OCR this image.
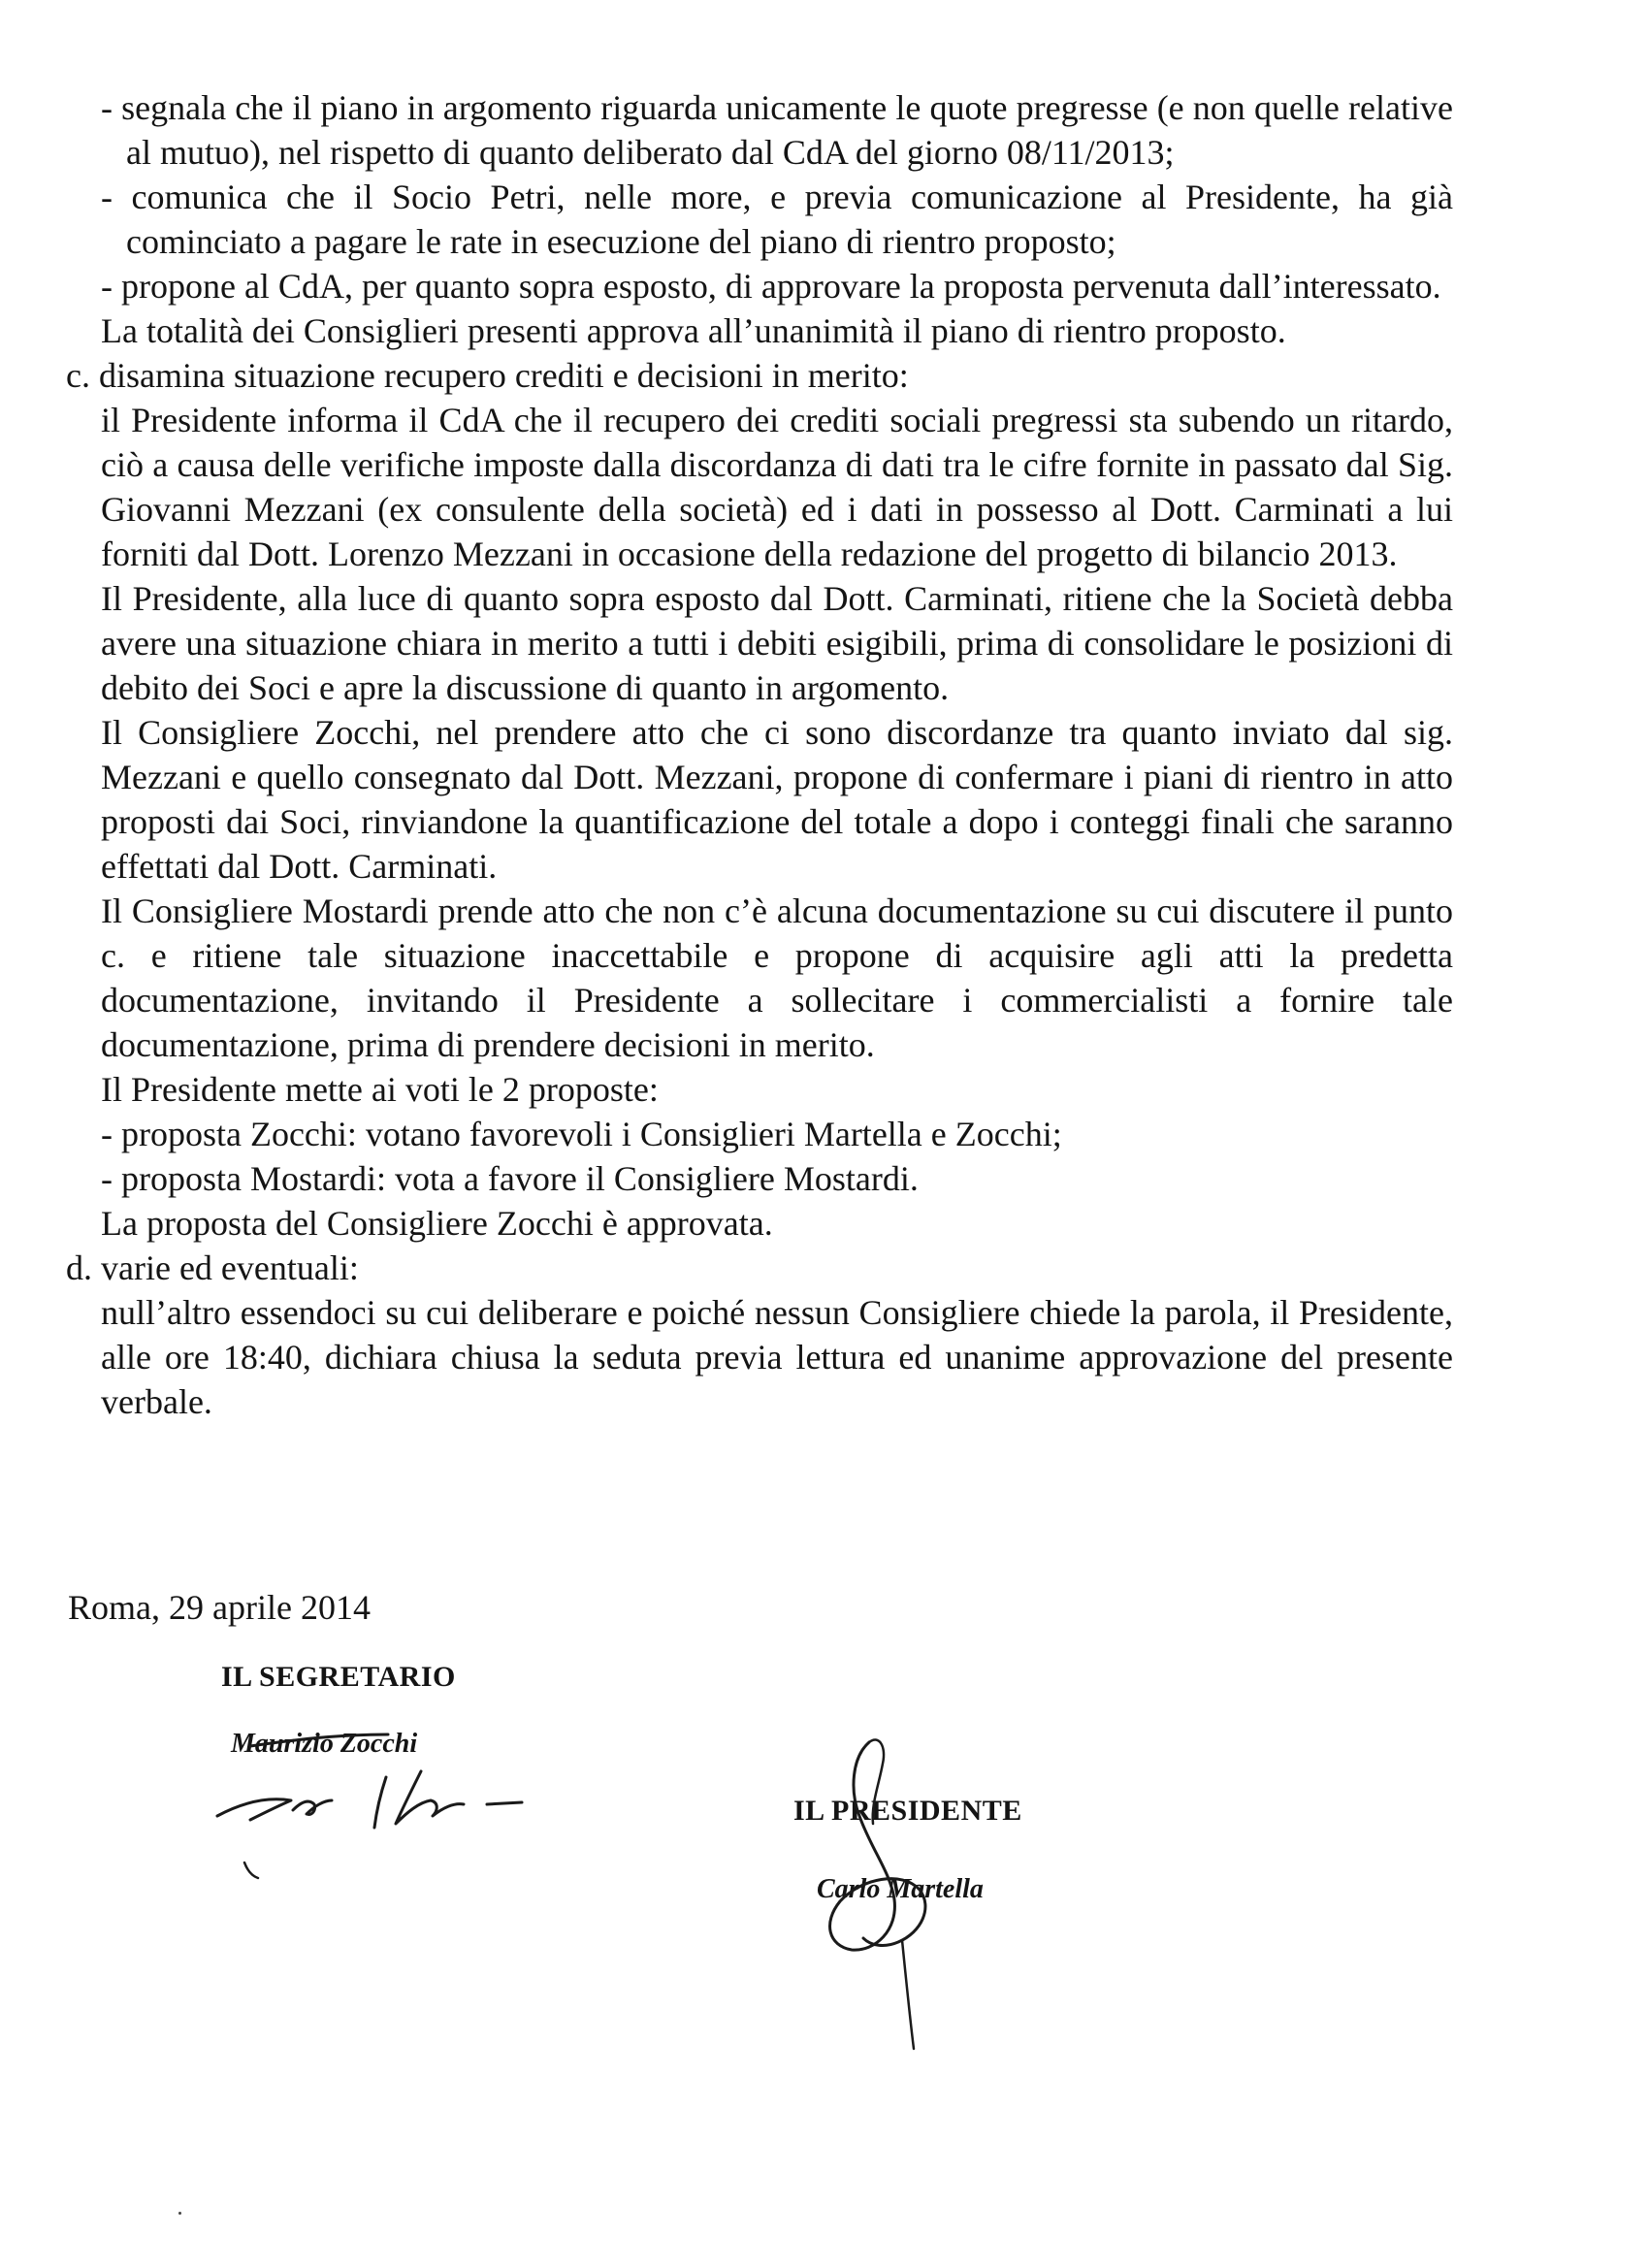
- segnala che il piano in argomento riguarda unicamente le quote pregresse (e non quelle relative al mutuo), nel rispetto di quanto deliberato dal CdA del giorno 08/11/2013;

- comunica che il Socio Petri, nelle more, e previa comunicazione al Presidente, ha già cominciato a pagare le rate in esecuzione del piano di rientro proposto;

- propone al CdA, per quanto sopra esposto, di approvare la proposta pervenuta dall’interessato.

La totalità dei Consiglieri presenti approva all’unanimità il piano di rientro proposto.

c. disamina situazione recupero crediti e decisioni in merito:

il Presidente informa il CdA che il recupero dei crediti sociali pregressi sta subendo un ritardo, ciò a causa delle verifiche imposte dalla discordanza di dati tra le cifre fornite in passato dal Sig. Giovanni Mezzani (ex consulente della società) ed i dati in possesso al Dott. Carminati a lui forniti dal Dott. Lorenzo Mezzani in occasione della redazione del progetto di bilancio 2013.

Il Presidente, alla luce di quanto sopra esposto dal Dott. Carminati, ritiene che la Società debba avere una situazione chiara in merito a tutti i debiti esigibili, prima di consolidare le posizioni di debito dei Soci e apre la discussione di quanto in argomento.

Il Consigliere Zocchi, nel prendere atto che ci sono discordanze tra quanto inviato dal sig. Mezzani e quello consegnato dal Dott. Mezzani, propone di confermare i piani di rientro in atto proposti dai Soci, rinviandone la quantificazione del totale a dopo i conteggi finali che saranno effettati dal Dott. Carminati.

Il Consigliere Mostardi prende atto che non c’è alcuna documentazione su cui discutere il punto c. e ritiene tale situazione inaccettabile e propone di acquisire agli atti la predetta documentazione, invitando il Presidente a sollecitare i commercialisti a fornire tale documentazione, prima di prendere decisioni in merito.

Il Presidente mette ai voti le 2 proposte:

- proposta Zocchi: votano favorevoli i Consiglieri Martella e Zocchi;

- proposta Mostardi: vota a favore il Consigliere Mostardi.

La proposta del Consigliere Zocchi è approvata.

d. varie ed eventuali:

null’altro essendoci su cui deliberare e poiché nessun Consigliere chiede la parola, il Presidente, alle ore 18:40, dichiara chiusa la seduta previa lettura ed unanime approvazione del presente verbale.

Roma, 29 aprile 2014
IL SEGRETARIO
Maurizio Zocchi
IL PRESIDENTE
Carlo Martella
